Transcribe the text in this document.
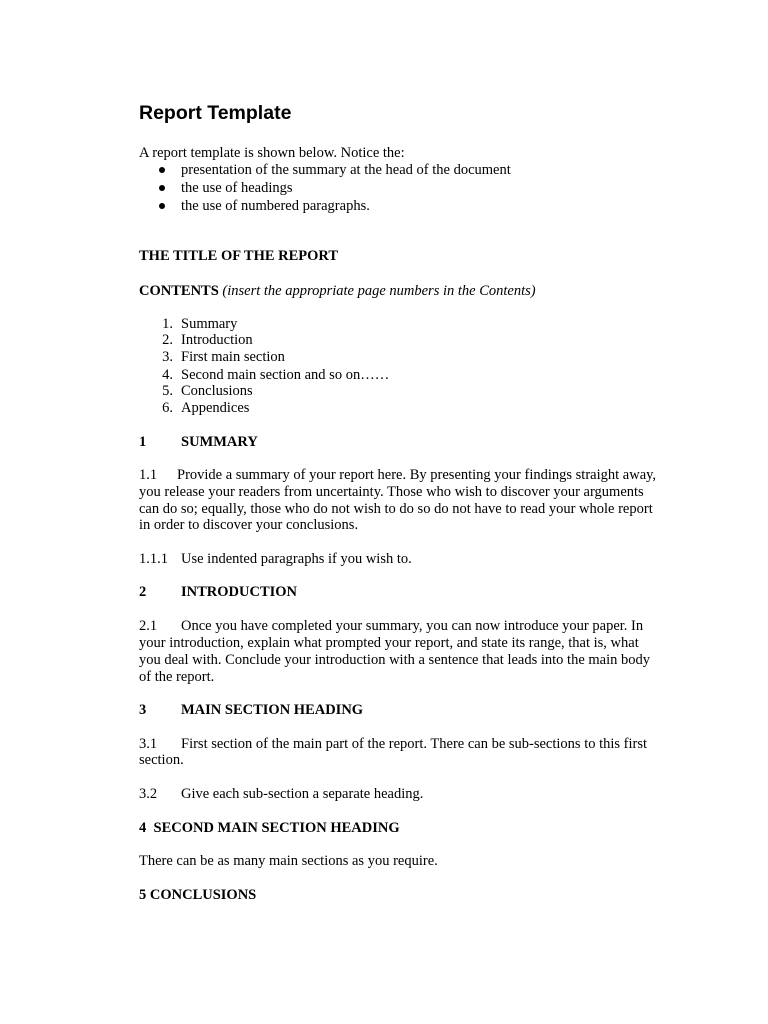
Report Template
A report template is shown below. Notice the:
presentation of the summary at the head of the document
the use of headings
the use of numbered paragraphs.
THE TITLE OF THE REPORT
CONTENTS (insert the appropriate page numbers in the Contents)
1. Summary
2. Introduction
3. First main section
4. Second main section and so on……
5. Conclusions
6. Appendices
1 SUMMARY
1.1 Provide a summary of your report here. By presenting your findings straight away,
you release your readers from uncertainty. Those who wish to discover your arguments
can do so; equally, those who do not wish to do so do not have to read your whole report
in order to discover your conclusions.
1.1.1 Use indented paragraphs if you wish to.
2 INTRODUCTION
2.1 Once you have completed your summary, you can now introduce your paper. In
your introduction, explain what prompted your report, and state its range, that is, what
you deal with. Conclude your introduction with a sentence that leads into the main body
of the report.
3 MAIN SECTION HEADING
3.1 First section of the main part of the report. There can be sub-sections to this first
section.
3.2 Give each sub-section a separate heading.
4  SECOND MAIN SECTION HEADING
There can be as many main sections as you require.
5 CONCLUSIONS
